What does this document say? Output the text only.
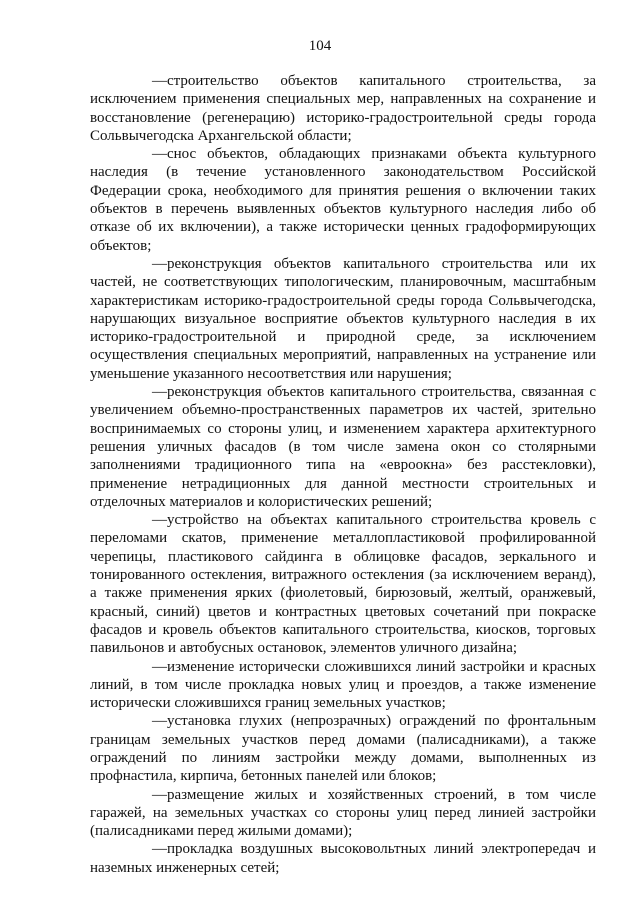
104

—строительство объектов капитального строительства, за исключением применения специальных мер, направленных на сохранение и восстановление (регенерацию) историко-градостроительной среды города Сольвычегодска Архангельской области;

—снос объектов, обладающих признаками объекта культурного наследия (в течение установленного законодательством Российской Федерации срока, необходимого для принятия решения о включении таких объектов в перечень выявленных объектов культурного наследия либо об отказе об их включении), а также исторически ценных градоформирующих объектов;

—реконструкция объектов капитального строительства или их частей, не соответствующих типологическим, планировочным, масштабным характеристикам историко-градостроительной среды города Сольвычегодска, нарушающих визуальное восприятие объектов культурного наследия в их историко-градостроительной и природной среде, за исключением осуществления специальных мероприятий, направленных на устранение или уменьшение указанного несоответствия или нарушения;

—реконструкция объектов капитального строительства, связанная с увеличением объемно-пространственных параметров их частей, зрительно воспринимаемых со стороны улиц, и изменением характера архитектурного решения уличных фасадов (в том числе замена окон со столярными заполнениями традиционного типа на «евроокна» без расстекловки), применение нетрадиционных для данной местности строительных и отделочных материалов и колористических решений;

—устройство на объектах капитального строительства кровель с переломами скатов, применение металлопластиковой профилированной черепицы, пластикового сайдинга в облицовке фасадов, зеркального и тонированного остекления, витражного остекления (за исключением веранд), а также применения ярких (фиолетовый, бирюзовый, желтый, оранжевый, красный, синий) цветов и контрастных цветовых сочетаний при покраске фасадов и кровель объектов капитального строительства, киосков, торговых павильонов и автобусных остановок, элементов уличного дизайна;

—изменение исторически сложившихся линий застройки и красных линий, в том числе прокладка новых улиц и проездов, а также изменение исторически сложившихся границ земельных участков;

—установка глухих (непрозрачных) ограждений по фронтальным границам земельных участков перед домами (палисадниками), а также ограждений по линиям застройки между домами, выполненных из профнастила, кирпича, бетонных панелей или блоков;

—размещение жилых и хозяйственных строений, в том числе гаражей, на земельных участках со стороны улиц перед линией застройки (палисадниками перед жилыми домами);

—прокладка воздушных высоковольтных линий электропередач и наземных инженерных сетей;
